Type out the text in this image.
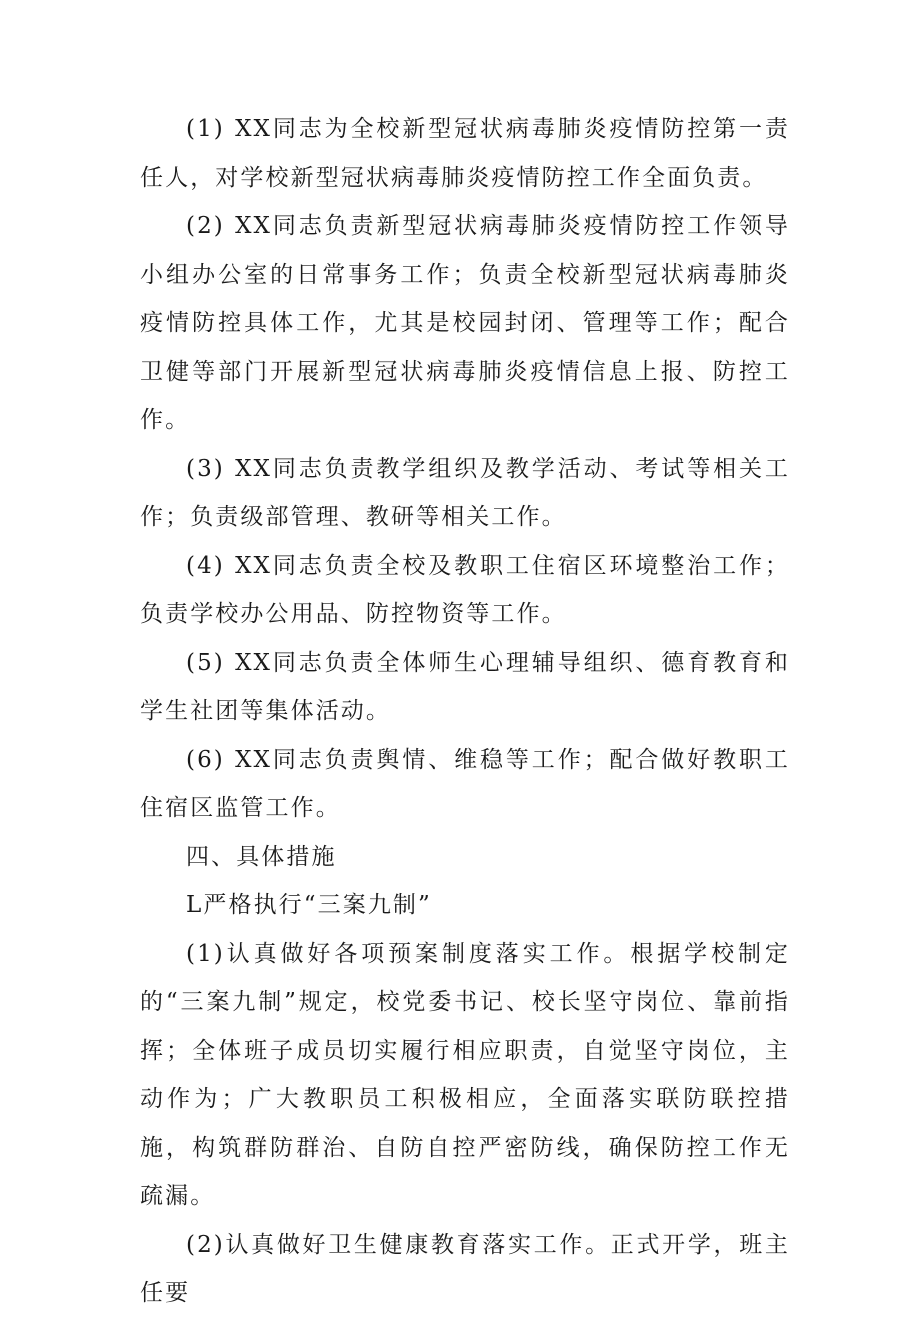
(1) XX同志为全校新型冠状病毒肺炎疫情防控第一责任人，对学校新型冠状病毒肺炎疫情防控工作全面负责。

(2) XX同志负责新型冠状病毒肺炎疫情防控工作领导小组办公室的日常事务工作；负责全校新型冠状病毒肺炎疫情防控具体工作，尤其是校园封闭、管理等工作；配合卫健等部门开展新型冠状病毒肺炎疫情信息上报、防控工作。

(3) XX同志负责教学组织及教学活动、考试等相关工作；负责级部管理、教研等相关工作。

(4) XX同志负责全校及教职工住宿区环境整治工作；负责学校办公用品、防控物资等工作。

(5) XX同志负责全体师生心理辅导组织、德育教育和学生社团等集体活动。

(6) XX同志负责舆情、维稳等工作；配合做好教职工住宿区监管工作。

四、具体措施

L严格执行“三案九制”

(1)认真做好各项预案制度落实工作。根据学校制定的“三案九制”规定，校党委书记、校长坚守岗位、靠前指挥；全体班子成员切实履行相应职责，自觉坚守岗位，主动作为；广大教职员工积极相应，全面落实联防联控措施，构筑群防群治、自防自控严密防线，确保防控工作无疏漏。

(2)认真做好卫生健康教育落实工作。正式开学，班主任要
